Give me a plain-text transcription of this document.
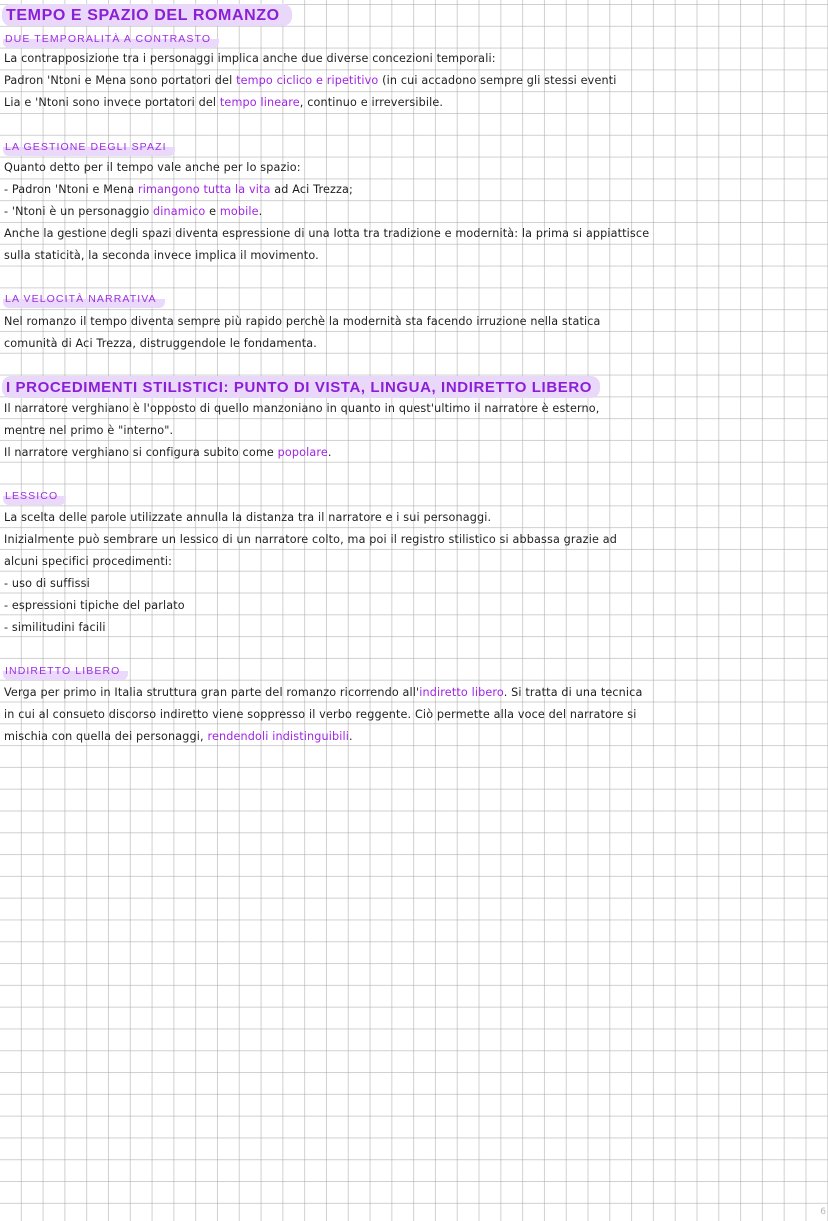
TEMPO E SPAZIO DEL ROMANZO
DUE TEMPORALITÀ A CONTRASTO
La contrapposizione tra i personaggi implica anche due diverse concezioni temporali:
Padron 'Ntoni e Mena sono portatori del tempo ciclico e ripetitivo (in cui accadono sempre gli stessi eventi
Lia e 'Ntoni sono invece portatori del tempo lineare, continuo e irreversibile.
LA GESTIONE DEGLI SPAZI
Quanto detto per il tempo vale anche per lo spazio:
- Padron 'Ntoni e Mena rimangono tutta la vita ad Aci Trezza;
- 'Ntoni è un personaggio dinamico e mobile.
Anche la gestione degli spazi diventa espressione di una lotta tra tradizione e modernità: la prima si appiattisce
sulla staticità, la seconda invece implica il movimento.
LA VELOCITÀ NARRATIVA
Nel romanzo il tempo diventa sempre più rapido perchè la modernità sta facendo irruzione nella statica
comunità di Aci Trezza, distruggendole le fondamenta.
I PROCEDIMENTI STILISTICI: PUNTO DI VISTA, LINGUA, INDIRETTO LIBERO
Il narratore verghiano è l'opposto di quello manzoniano in quanto in quest'ultimo il narratore è esterno,
mentre nel primo è "interno".
Il narratore verghiano si configura subito come popolare.
LESSICO
La scelta delle parole utilizzate annulla la distanza tra il narratore e i sui personaggi.
Inizialmente può sembrare un lessico di un narratore colto, ma poi il registro stilistico si abbassa grazie ad
alcuni specifici procedimenti:
- uso di suffissi
- espressioni tipiche del parlato
- similitudini facili
INDIRETTO LIBERO
Verga per primo in Italia struttura gran parte del romanzo ricorrendo all'indiretto libero. Si tratta di una tecnica
in cui al consueto discorso indiretto viene soppresso il verbo reggente. Ciò permette alla voce del narratore si
mischia con quella dei personaggi, rendendoli indistinguibili.
6
